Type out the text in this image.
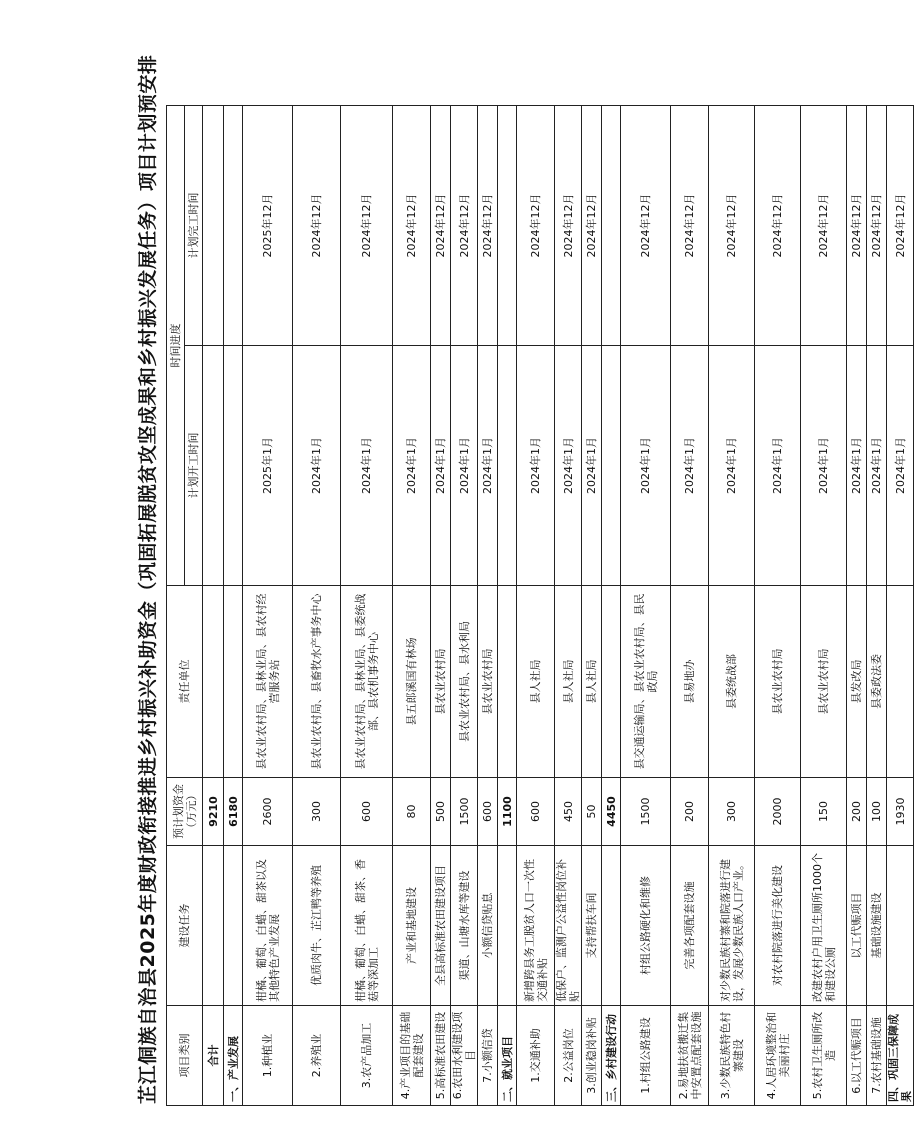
芷江侗族自治县2025年度财政衔接推进乡村振兴补助资金（巩固拓展脱贫攻坚成果和乡村振兴发展任务）项目计划预安排	项目类别	建设任务	预计划资金（万元）	责任单位	时间进度	
				计划开工时间	计划完工时间
合计		9210			
一、产业发展		6180			
1.种植业	柑橘、葡萄、白蜡、甜茶以及其他特色产业发展	2600	县农业农村局、县林业局、县农村经营服务站	2025年1月	2025年12月
2.养殖业	优质肉牛、芷江鸭等养殖	300	县农业农村局、县畜牧水产事务中心	2024年1月	2024年12月
3.农产品加工	柑橘、葡萄、白蜡、甜茶、香菇等深加工	600	县农业农村局、县林业局、县委统战部、县农机事务中心	2024年1月	2024年12月
4.产业项目的基础配套建设	产业和基地建设	80	县五郎溪国有林场	2024年1月	2024年12月
5.高标准农田建设	全县高标准农田建设项目	500	县农业农村局	2024年1月	2024年12月
6.农田水利建设项目	渠道、山塘水库等建设	1500	县农业农村局、县水利局	2024年1月	2024年12月
7.小额信贷	小额信贷贴息	600	县农业农村局	2024年1月	2024年12月
二、就业项目		1100			
1.交通补助	新增跨县务工脱贫人口一次性交通补贴	600	县人社局	2024年1月	2024年12月
2.公益岗位	低保户、监测户公益性岗位补贴	450	县人社局	2024年1月	2024年12月
3.创业稳岗补贴	支持帮扶车间	50	县人社局	2024年1月	2024年12月
三、乡村建设行动		4450			
1.村组公路建设	村组公路硬化和维修	1500	县交通运输局、县农业农村局、县民政局	2024年1月	2024年12月
2.易地扶贫搬迁集中安置点配套设施	完善各项配套设施	200	县易地办	2024年1月	2024年12月
3.少数民族特色村寨建设	对少数民族村寨和院落进行建设，发展少数民族人口产业。	300	县委统战部	2024年1月	2024年12月
4.人居环境整治和美丽村庄	对农村院落进行美化建设	2000	县农业农村局	2024年1月	2024年12月
5.农村卫生厕所改造	改建农村户用卫生厕所1000个和建设公厕	150	县农业农村局	2024年1月	2024年12月
6.以工代赈项目	以工代赈项目	200	县发改局	2024年1月	2024年12月
7.农村基础设施	基础设施建设	100	县委政法委	2024年1月	2024年12月
四、巩固三保障成果		1930		2024年1月	2024年12月
